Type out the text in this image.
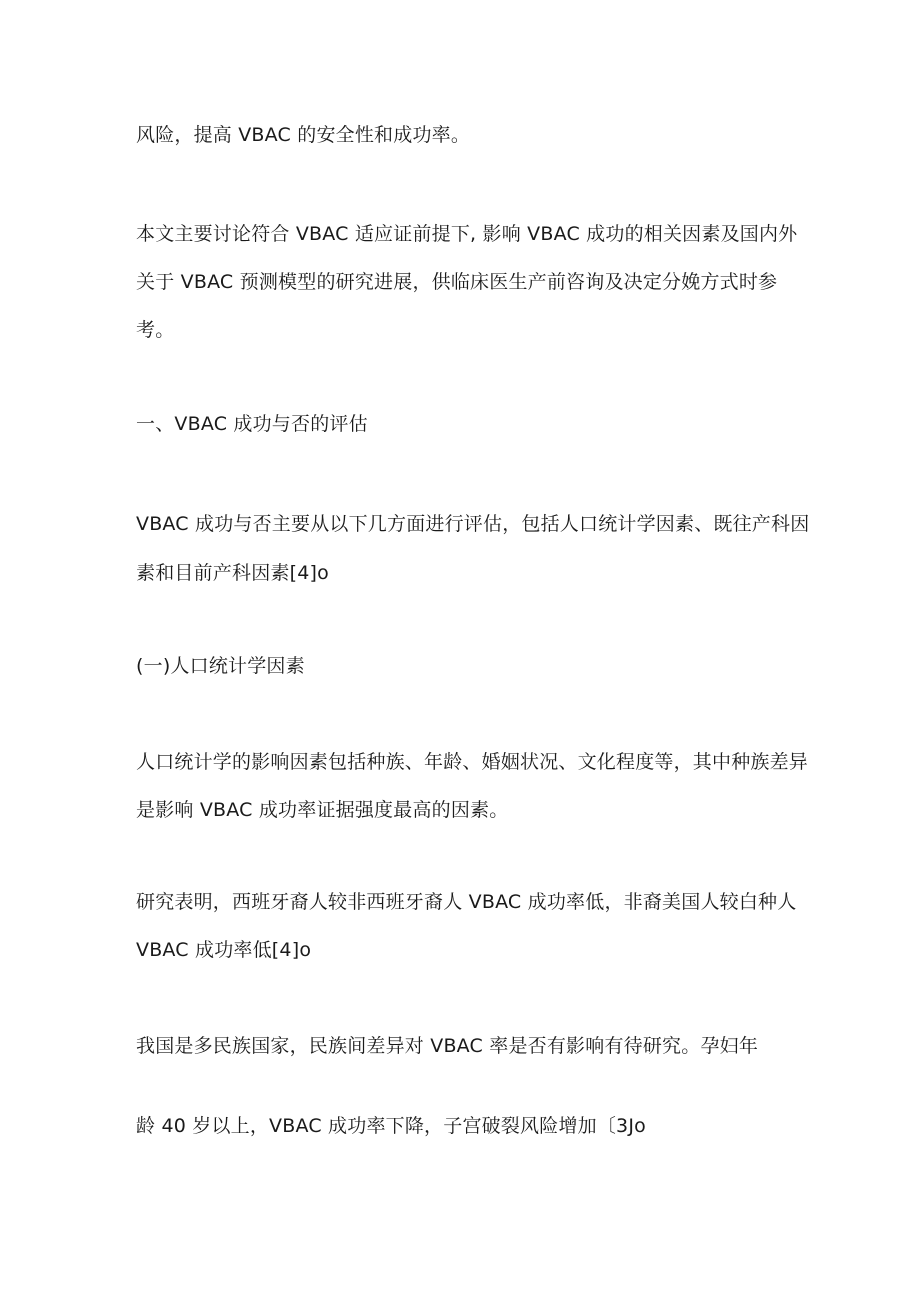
风险，提高 VBAC 的安全性和成功率。

本文主要讨论符合 VBAC 适应证前提下, 影响 VBAC 成功的相关因素及国内外

关于 VBAC 预测模型的研究进展，供临床医生产前咨询及决定分娩方式时参

考。

一、VBAC 成功与否的评估

VBAC 成功与否主要从以下几方面进行评估，包括人口统计学因素、既往产科因

素和目前产科因素[4]o

(一)人口统计学因素

人口统计学的影响因素包括种族、年龄、婚姻状况、文化程度等，其中种族差异

是影响 VBAC 成功率证据强度最高的因素。

研究表明，西班牙裔人较非西班牙裔人 VBAC 成功率低，非裔美国人较白种人

VBAC 成功率低[4]o

我国是多民族国家，民族间差异对 VBAC 率是否有影响有待研究。孕妇年

龄 40 岁以上，VBAC 成功率下降，子宫破裂风险增加〔3Jo
